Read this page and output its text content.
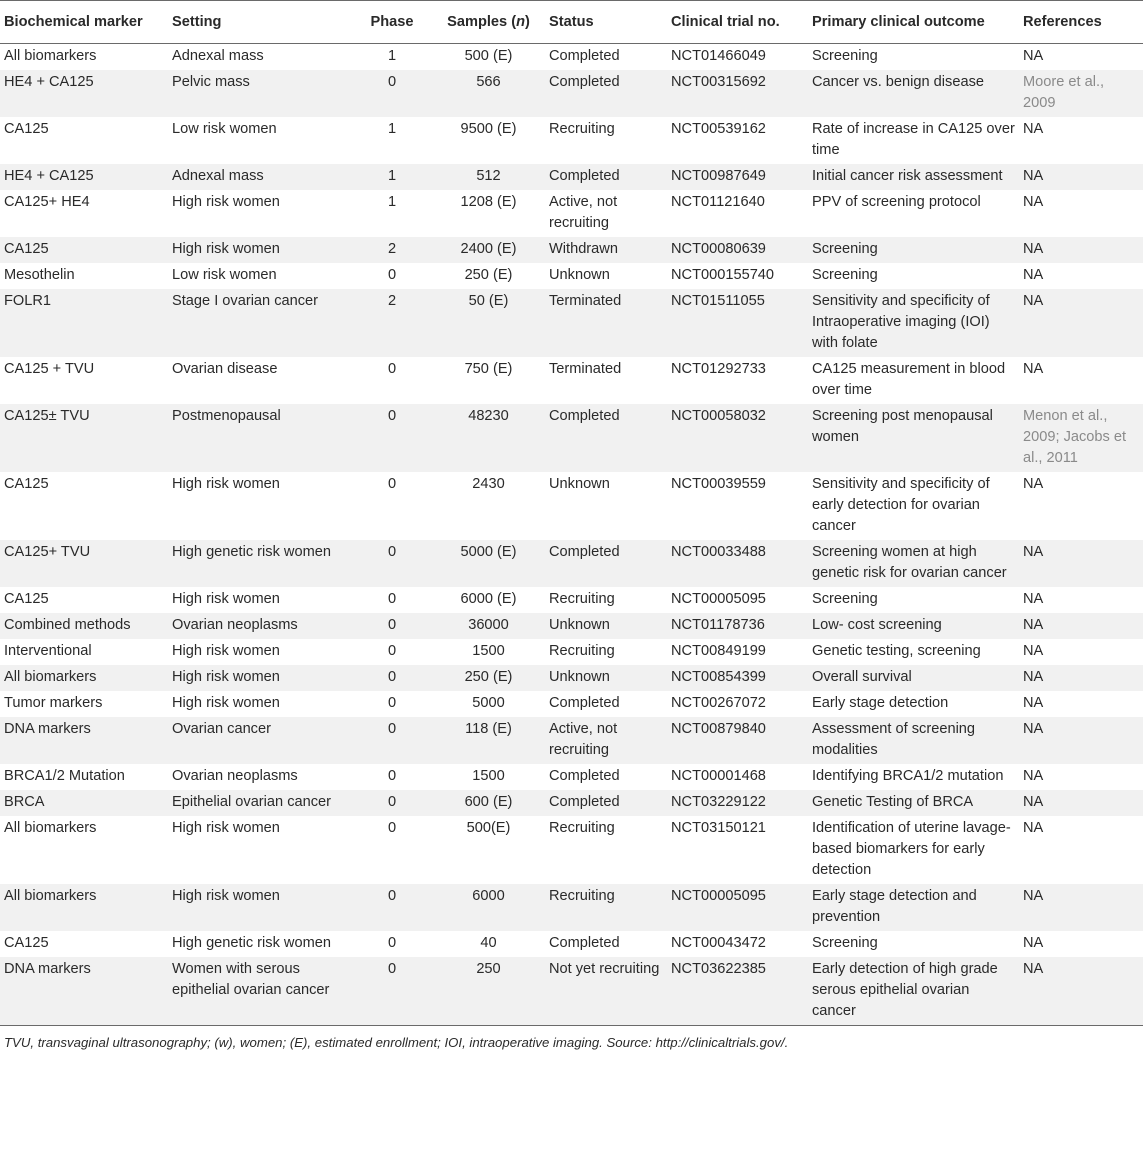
Biochemical marker	Setting	Phase	Samples (n)	Status	Clinical trial no.	Primary clinical outcome	References
All biomarkers	Adnexal mass	1	500 (E)	Completed	NCT01466049	Screening	NA
HE4 + CA125	Pelvic mass	0	566	Completed	NCT00315692	Cancer vs. benign disease	Moore et al., 2009
CA125	Low risk women	1	9500 (E)	Recruiting	NCT00539162	Rate of increase in CA125 over time	NA
HE4 + CA125	Adnexal mass	1	512	Completed	NCT00987649	Initial cancer risk assessment	NA
CA125+ HE4	High risk women	1	1208 (E)	Active, not recruiting	NCT01121640	PPV of screening protocol	NA
CA125	High risk women	2	2400 (E)	Withdrawn	NCT00080639	Screening	NA
Mesothelin	Low risk women	0	250 (E)	Unknown	NCT000155740	Screening	NA
FOLR1	Stage I ovarian cancer	2	50 (E)	Terminated	NCT01511055	Sensitivity and specificity of Intraoperative imaging (IOI) with folate	NA
CA125 + TVU	Ovarian disease	0	750 (E)	Terminated	NCT01292733	CA125 measurement in blood over time	NA
CA125± TVU	Postmenopausal	0	48230	Completed	NCT00058032	Screening post menopausal women	Menon et al., 2009; Jacobs et al., 2011
CA125	High risk women	0	2430	Unknown	NCT00039559	Sensitivity and specificity of early detection for ovarian cancer	NA
CA125+ TVU	High genetic risk women	0	5000 (E)	Completed	NCT00033488	Screening women at high genetic risk for ovarian cancer	NA
CA125	High risk women	0	6000 (E)	Recruiting	NCT00005095	Screening	NA
Combined methods	Ovarian neoplasms	0	36000	Unknown	NCT01178736	Low- cost screening	NA
Interventional	High risk women	0	1500	Recruiting	NCT00849199	Genetic testing, screening	NA
All biomarkers	High risk women	0	250 (E)	Unknown	NCT00854399	Overall survival	NA
Tumor markers	High risk women	0	5000	Completed	NCT00267072	Early stage detection	NA
DNA markers	Ovarian cancer	0	118 (E)	Active, not recruiting	NCT00879840	Assessment of screening modalities	NA
BRCA1/2 Mutation	Ovarian neoplasms	0	1500	Completed	NCT00001468	Identifying BRCA1/2 mutation	NA
BRCA	Epithelial ovarian cancer	0	600 (E)	Completed	NCT03229122	Genetic Testing of BRCA	NA
All biomarkers	High risk women	0	500(E)	Recruiting	NCT03150121	Identification of uterine lavage-based biomarkers for early detection	NA
All biomarkers	High risk women	0	6000	Recruiting	NCT00005095	Early stage detection and prevention	NA
CA125	High genetic risk women	0	40	Completed	NCT00043472	Screening	NA
DNA markers	Women with serous epithelial ovarian cancer	0	250	Not yet recruiting	NCT03622385	Early detection of high grade serous epithelial ovarian cancer	NA
TVU, transvaginal ultrasonography; (w), women; (E), estimated enrollment; IOI, intraoperative imaging. Source: http://clinicaltrials.gov/.
